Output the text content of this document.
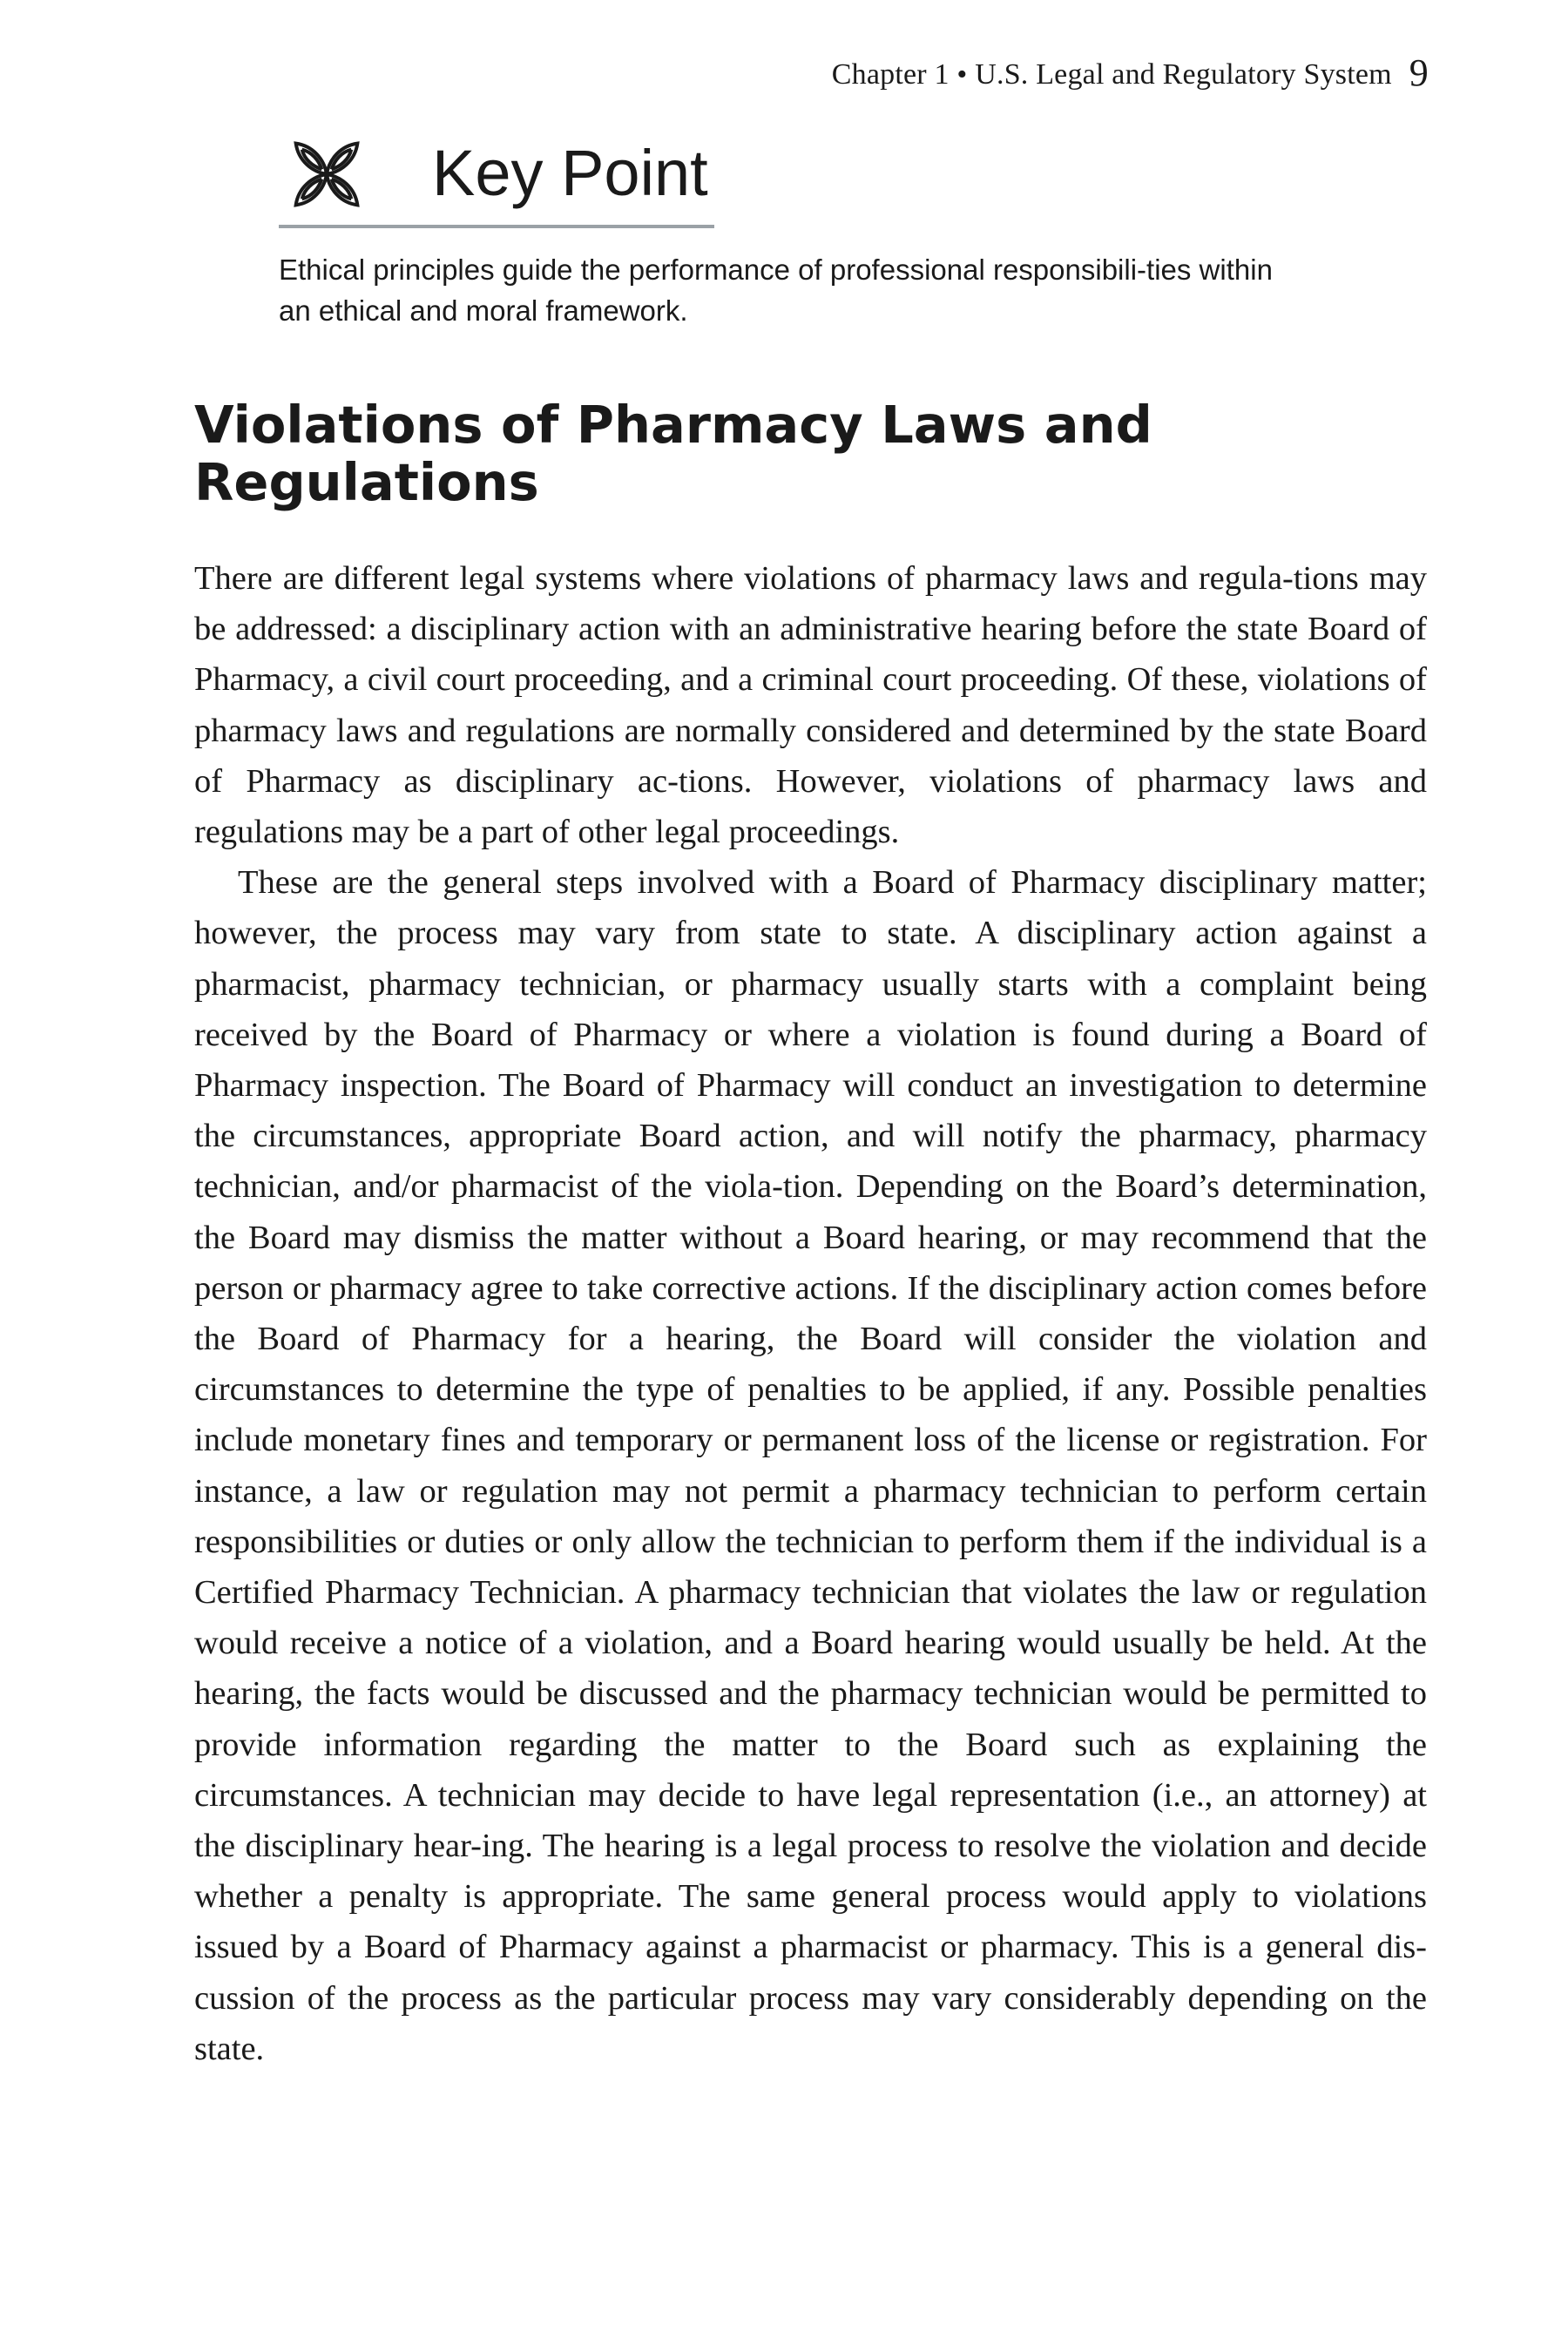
Chapter 1 • U.S. Legal and Regulatory System 9
Key Point
Ethical principles guide the performance of professional responsibili-ties within an ethical and moral framework.
Violations of Pharmacy Laws and Regulations

There are different legal systems where violations of pharmacy laws and regula-tions may be addressed: a disciplinary action with an administrative hearing before the state Board of Pharmacy, a civil court proceeding, and a criminal court proceeding. Of these, violations of pharmacy laws and regulations are normally considered and determined by the state Board of Pharmacy as disciplinary ac-tions. However, violations of pharmacy laws and regulations may be a part of other legal proceedings.

These are the general steps involved with a Board of Pharmacy disciplinary matter; however, the process may vary from state to state. A disciplinary action against a pharmacist, pharmacy technician, or pharmacy usually starts with a complaint being received by the Board of Pharmacy or where a violation is found during a Board of Pharmacy inspection. The Board of Pharmacy will conduct an investigation to determine the circumstances, appropriate Board action, and will notify the pharmacy, pharmacy technician, and/or pharmacist of the viola-tion. Depending on the Board’s determination, the Board may dismiss the matter without a Board hearing, or may recommend that the person or pharmacy agree to take corrective actions. If the disciplinary action comes before the Board of Pharmacy for a hearing, the Board will consider the violation and circumstances to determine the type of penalties to be applied, if any. Possible penalties include monetary fines and temporary or permanent loss of the license or registration. For instance, a law or regulation may not permit a pharmacy technician to perform certain responsibilities or duties or only allow the technician to perform them if the individual is a Certified Pharmacy Technician. A pharmacy technician that violates the law or regulation would receive a notice of a violation, and a Board hearing would usually be held. At the hearing, the facts would be discussed and the pharmacy technician would be permitted to provide information regarding the matter to the Board such as explaining the circumstances. A technician may decide to have legal representation (i.e., an attorney) at the disciplinary hear-ing. The hearing is a legal process to resolve the violation and decide whether a penalty is appropriate. The same general process would apply to violations issued by a Board of Pharmacy against a pharmacist or pharmacy. This is a general dis-cussion of the process as the particular process may vary considerably depending on the state.
